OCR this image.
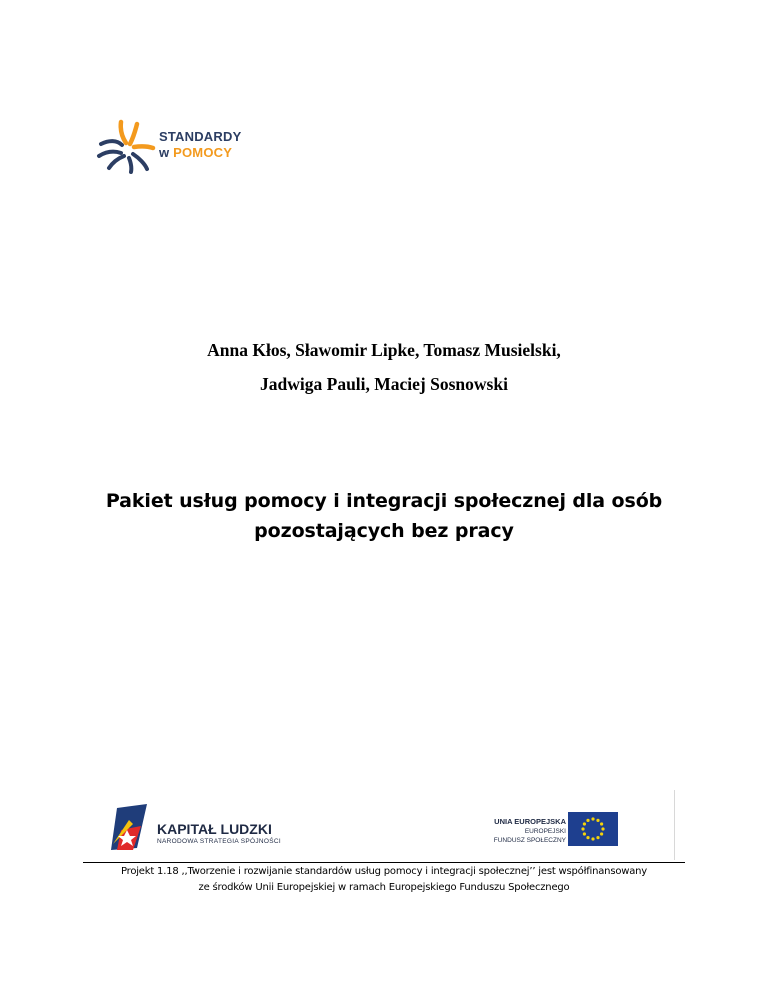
STANDARDY
w POMOCY
Anna Kłos, Sławomir Lipke, Tomasz Musielski,
Jadwiga Pauli, Maciej Sosnowski
Pakiet usług pomocy i integracji społecznej dla osób pozostających bez pracy
KAPITAŁ LUDZKI
NARODOWA STRATEGIA SPÓJNOŚCI
UNIA EUROPEJSKA
EUROPEJSKI
FUNDUSZ SPOŁECZNY
Projekt 1.18 ,,Tworzenie i rozwijanie standardów usług pomocy i integracji społecznej’’ jest współfinansowany
ze środków Unii Europejskiej w ramach Europejskiego Funduszu Społecznego
